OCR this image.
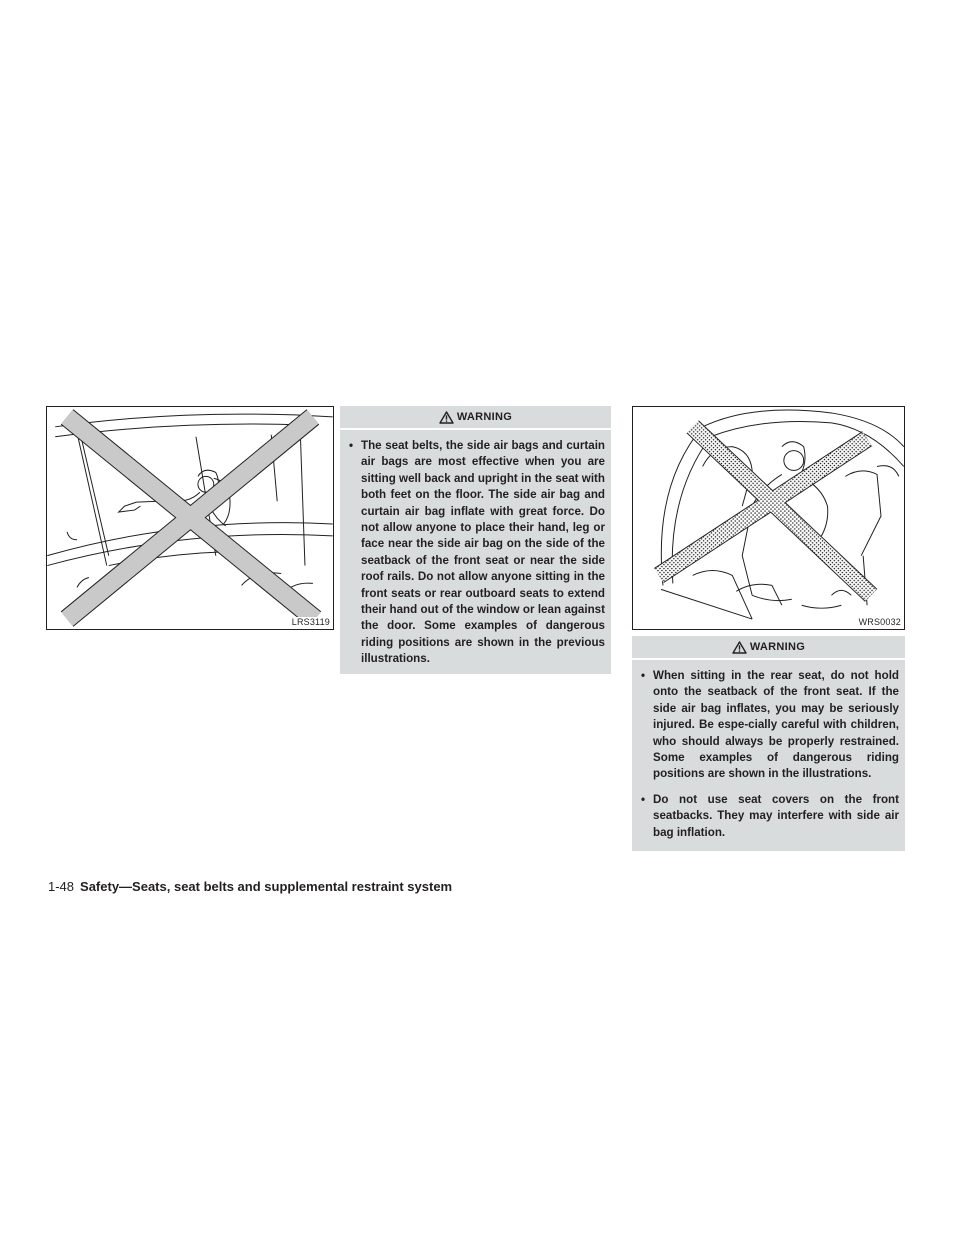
LRS3119
WARNING
• The seat belts, the side air bags and curtain air bags are most effective when you are sitting well back and upright in the seat with both feet on the floor. The side air bag and curtain air bag inflate with great force. Do not allow anyone to place their hand, leg or face near the side air bag on the side of the seatback of the front seat or near the side roof rails. Do not allow anyone sitting in the front seats or rear outboard seats to extend their hand out of the window or lean against the door. Some examples of dangerous riding positions are shown in the previous illustrations.
WRS0032
WARNING
• When sitting in the rear seat, do not hold onto the seatback of the front seat. If the side air bag inflates, you may be seriously injured. Be espe-cially careful with children, who should always be properly restrained. Some examples of dangerous riding positions are shown in the illustrations.
• Do not use seat covers on the front seatbacks. They may interfere with side air bag inflation.
1-48 Safety—Seats, seat belts and supplemental restraint system
